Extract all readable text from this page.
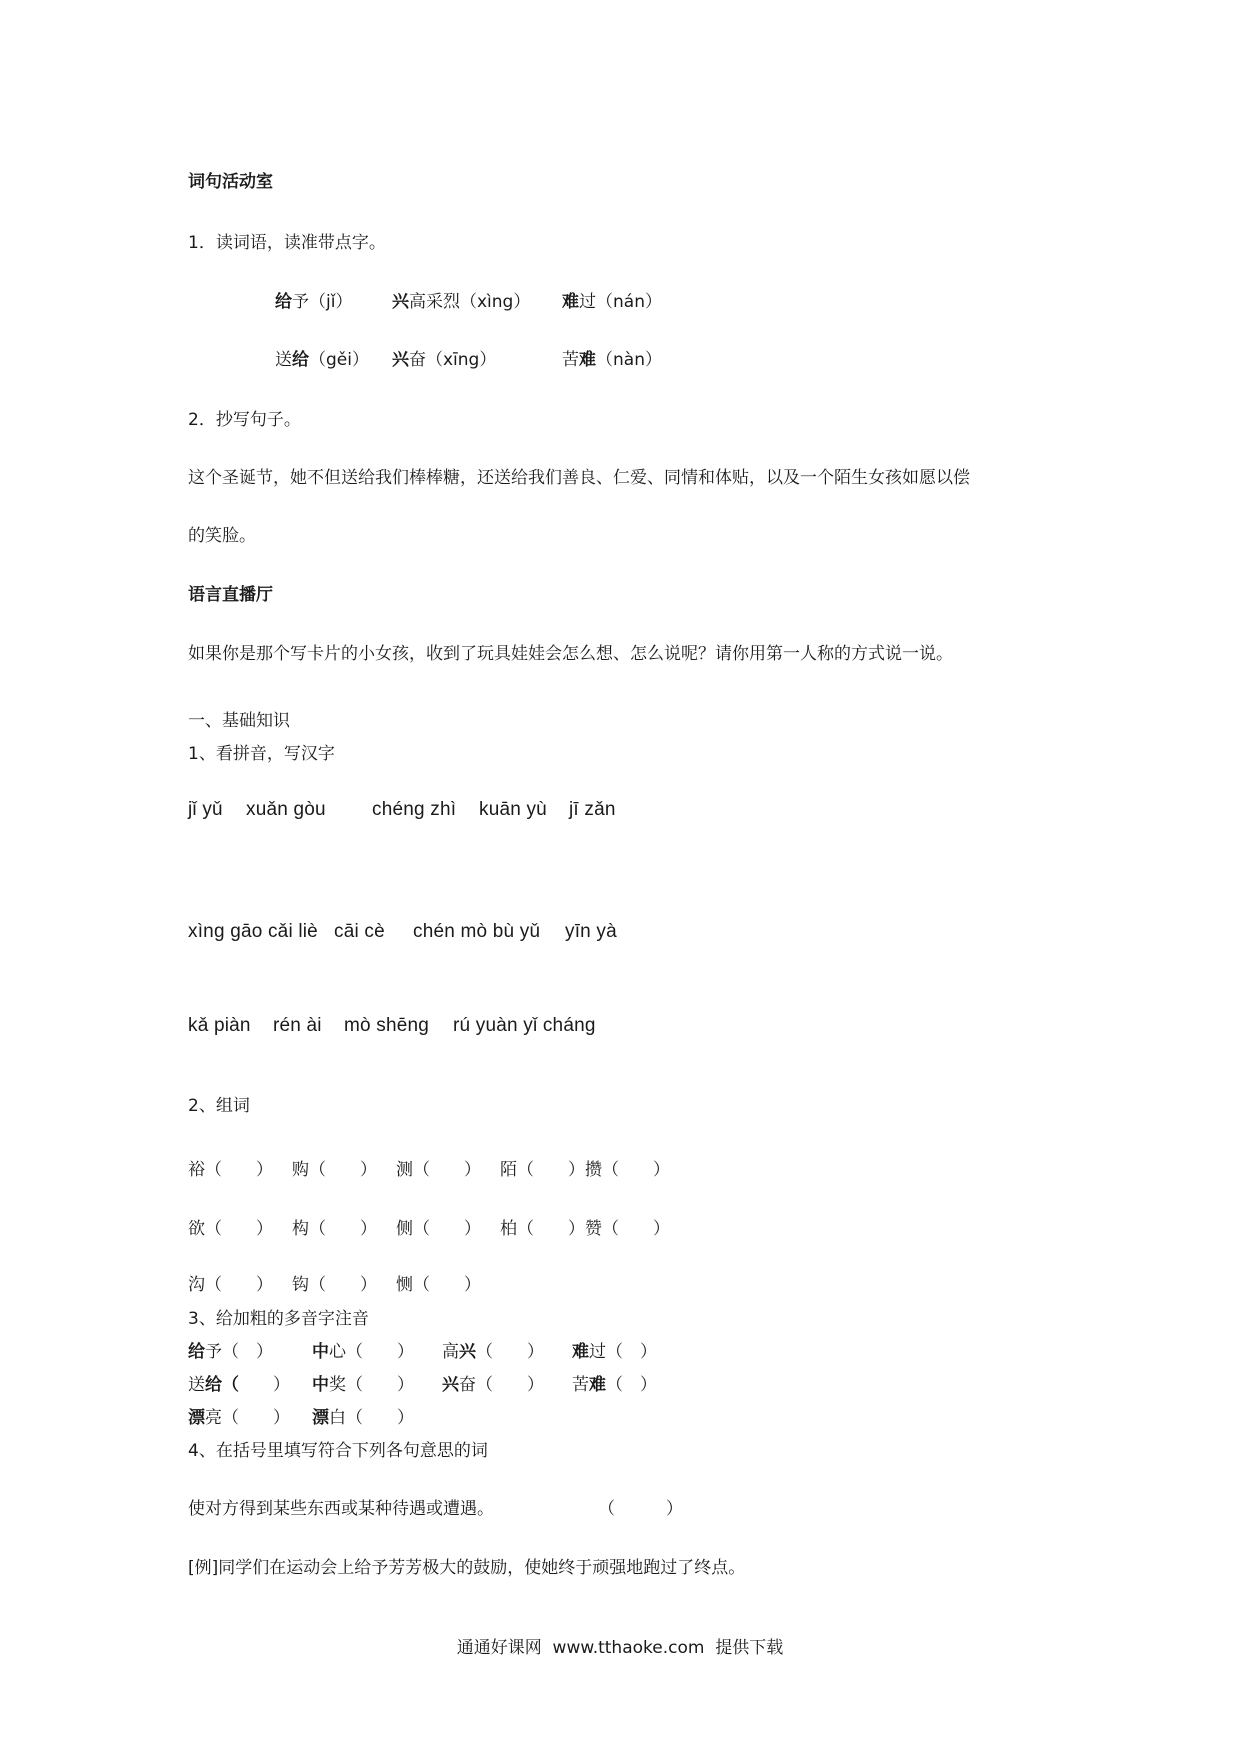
词句活动室
1．读词语，读准带点字。
给予（jǐ） 兴高采烈（xìng） 难过（nán）
送给（gěi） 兴奋（xīng）	苦难（nàn）
2．抄写句子。
这个圣诞节，她不但送给我们棒棒糖，还送给我们善良、仁爱、同情和体贴，以及一个陌生女孩如愿以偿
的笑脸。
语言直播厅
如果你是那个写卡片的小女孩，收到了玩具娃娃会怎么想、怎么说呢？请你用第一人称的方式说一说。
一、基础知识
1、看拼音，写汉字
jǐ yǔ xuǎn gòu chéng zhì kuān yù jī zǎn
xìng gāo cǎi liè cāi cè chén mò bù yǔ yīn yà
kǎ piàn rén ài mò shēng rú yuàn yǐ cháng
2、组词
裕（　　） 购（　　） 测（　　） 陌（　　）攒（　　）
欲（　　） 构（　　） 侧（　　） 柏（　　）赞（　　）
沟（　　） 钩（　　） 恻（　　）
3、给加粗的多音字注音
给予（　） 中心（　　） 高兴（　　） 难过（　）
送给（　　） 中奖（　　） 兴奋（　　） 苦难（　）
漂亮（　　） 漂白（　　）
4、在括号里填写符合下列各句意思的词
使对方得到某些东西或某种待遇或遭遇。	（　　　）
[例]同学们在运动会上给予芳芳极大的鼓励，使她终于顽强地跑过了终点。
通通好课网 www.tthaoke.com 提供下载
